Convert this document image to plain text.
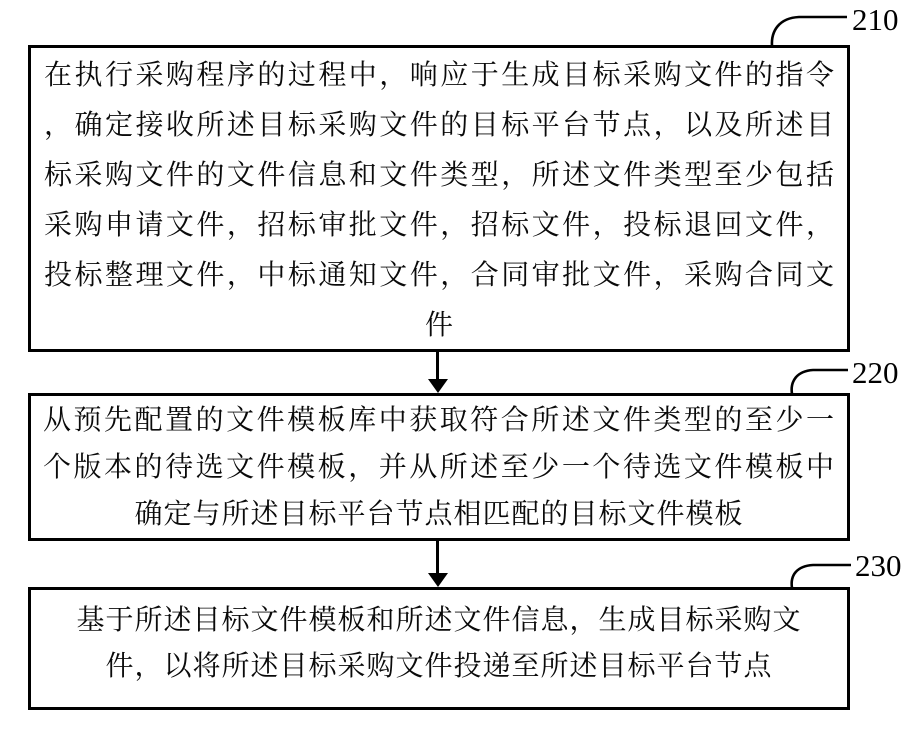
在执行采购程序的过程中，响应于生成目标采购文件的指令
，确定接收所述目标采购文件的目标平台节点，以及所述目
标采购文件的文件信息和文件类型，所述文件类型至少包括
采购申请文件，招标审批文件，招标文件，投标退回文件，
投标整理文件，中标通知文件，合同审批文件，采购合同文
件
从预先配置的文件模板库中获取符合所述文件类型的至少一
个版本的待选文件模板，并从所述至少一个待选文件模板中
确定与所述目标平台节点相匹配的目标文件模板
基于所述目标文件模板和所述文件信息，生成目标采购文
件，以将所述目标采购文件投递至所述目标平台节点
210
220
230
